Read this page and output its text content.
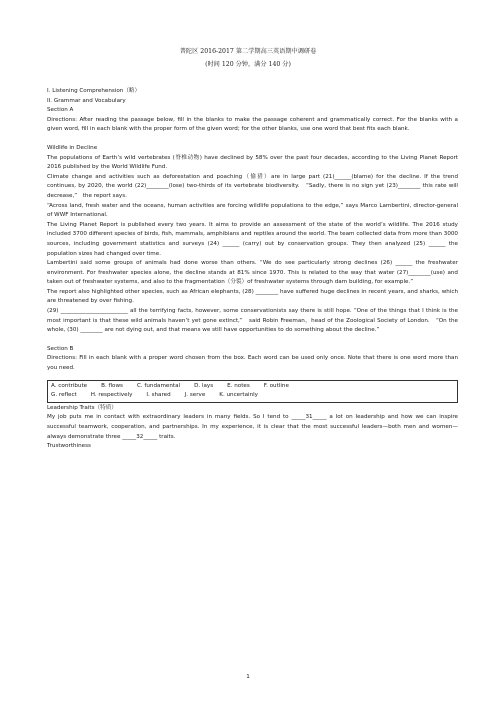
普陀区 2016-2017 第二学期高三英语期中调研卷
(时间 120 分钟，满分 140 分)

I. Listening Comprehension（略）

II. Grammar and Vocabulary

Section A

Directions: After reading the passage below, fill in the blanks to make the passage coherent and grammatically correct. For the blanks with a given word, fill in each blank with the proper form of the given word; for the other blanks, use one word that best fits each blank.

Wildlife in Decline

The populations of Earth’s wild vertebrates (脊椎动物) have declined by 58% over the past four decades, according to the Living Planet Report 2016 published by the World Wildlife Fund.

Climate change and activities such as deforestation and poaching（偷猎）are in large part (21)______(blame) for the decline. If the trend continues, by 2020, the world (22)________(lose) two-thirds of its vertebrate biodiversity.　“Sadly, there is no sign yet (23)________ this rate will decrease,”　the report says.

“Across land, fresh water and the oceans, human activities are forcing wildlife populations to the edge,” says Marco Lambertini, director-general of WWF International.

The Living Planet Report is published every two years. It aims to provide an assessment of the state of the world’s wildlife. The 2016 study included 3700 different species of birds, fish, mammals, amphibians and reptiles around the world. The team collected data from more than 3000 sources, including government statistics and surveys (24) ______ (carry) out by conservation groups. They then analyzed (25) ______ the population sizes had changed over time.

Lambertini said some groups of animals had done worse than others. “We do see particularly strong declines (26) ______ the freshwater environment. For freshwater species alone, the decline stands at 81% since 1970. This is related to the way that water (27)________(use) and taken out of freshwater systems, and also to the fragmentation（分裂）of freshwater systems through dam building, for example.”

The report also highlighted other species, such as African elephants, (28) ________ have suffered huge declines in recent years, and sharks, which are threatened by over fishing.

(29) ________________________ all the terrifying facts, however, some conservationists say there is still hope. “One of the things that I think is the most important is that these wild animals haven’t yet gone extinct,”　said Robin Freeman，head of the Zoological Society of London.　“On the whole, (30) ________ are not dying out, and that means we still have opportunities to do something about the decline.”

Section B

Directions: Fill in each blank with a proper word chosen from the box. Each word can be used only once. Note that there is one word more than you need.

A. contribute	B. flows	C. fundamental	D. lays	E. notes	F. outline
G. reflect	H. respectively	I. shared	J. serve	K. uncertainly

Leadership Traits（特质）

My job puts me in contact with extraordinary leaders in many fields. So I tend to _____31_____ a lot on leadership and how we can inspire successful teamwork, cooperation, and partnerships. In my experience, it is clear that the most successful leaders—both men and women—always demonstrate three _____32_____ traits.

Trustworthiness

1
